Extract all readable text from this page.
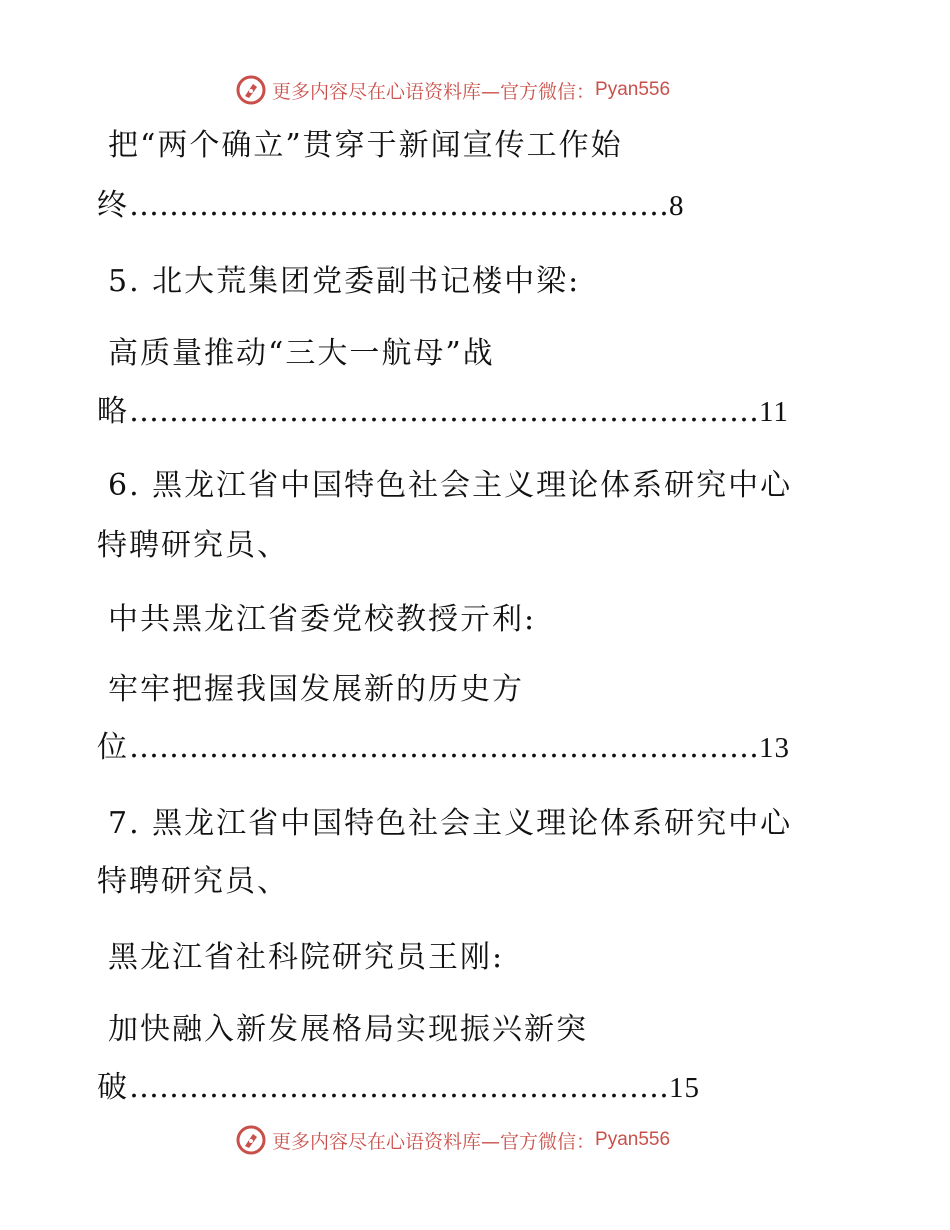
更多内容尽在心语资料库—官方微信： Pyan556
把“两个确立”贯穿于新闻宣传工作始
终………………………………………………8
5. 北大荒集团党委副书记楼中梁:
高质量推动“三大一航母”战
略………………………………………………………11
6. 黑龙江省中国特色社会主义理论体系研究中心
特聘研究员、
中共黑龙江省委党校教授亓利:
牢牢把握我国发展新的历史方
位………………………………………………………13
7. 黑龙江省中国特色社会主义理论体系研究中心
特聘研究员、
黑龙江省社科院研究员王刚:
加快融入新发展格局实现振兴新突
破………………………………………………15
更多内容尽在心语资料库—官方微信： Pyan556
